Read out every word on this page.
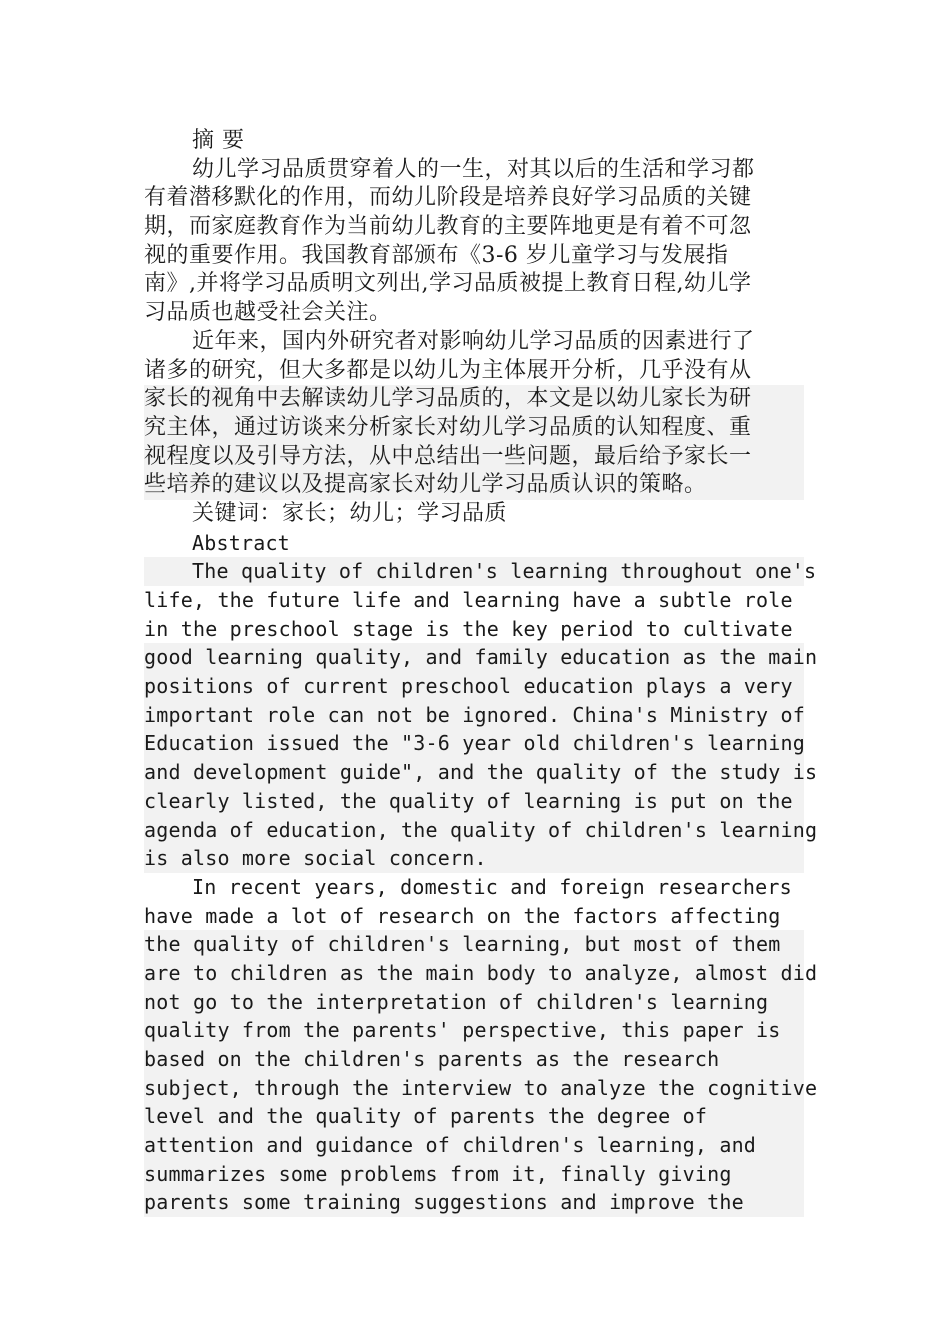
摘 要
幼儿学习品质贯穿着人的一生，对其以后的生活和学习都
有着潜移默化的作用，而幼儿阶段是培养良好学习品质的关键
期，而家庭教育作为当前幼儿教育的主要阵地更是有着不可忽
视的重要作用。我国教育部颁布《3-6 岁儿童学习与发展指
南》,并将学习品质明文列出,学习品质被提上教育日程,幼儿学
习品质也越受社会关注。
近年来，国内外研究者对影响幼儿学习品质的因素进行了
诸多的研究，但大多都是以幼儿为主体展开分析，几乎没有从
家长的视角中去解读幼儿学习品质的，本文是以幼儿家长为研
究主体，通过访谈来分析家长对幼儿学习品质的认知程度、重
视程度以及引导方法，从中总结出一些问题，最后给予家长一
些培养的建议以及提高家长对幼儿学习品质认识的策略。
关键词：家长；幼儿；学习品质
Abstract
The quality of children's learning throughout one's
life, the future life and learning have a subtle role
in the preschool stage is the key period to cultivate
good learning quality, and family education as the main
positions of current preschool education plays a very
important role can not be ignored. China's Ministry of
Education issued the "3-6 year old children's learning
and development guide", and the quality of the study is
clearly listed, the quality of learning is put on the
agenda of education, the quality of children's learning
is also more social concern.
In recent years, domestic and foreign researchers
have made a lot of research on the factors affecting
the quality of children's learning, but most of them
are to children as the main body to analyze, almost did
not go to the interpretation of children's learning
quality from the parents' perspective, this paper is
based on the children's parents as the research
subject, through the interview to analyze the cognitive
level and the quality of parents the degree of
attention and guidance of children's learning, and
summarizes some problems from it, finally giving
parents some training suggestions and improve the
